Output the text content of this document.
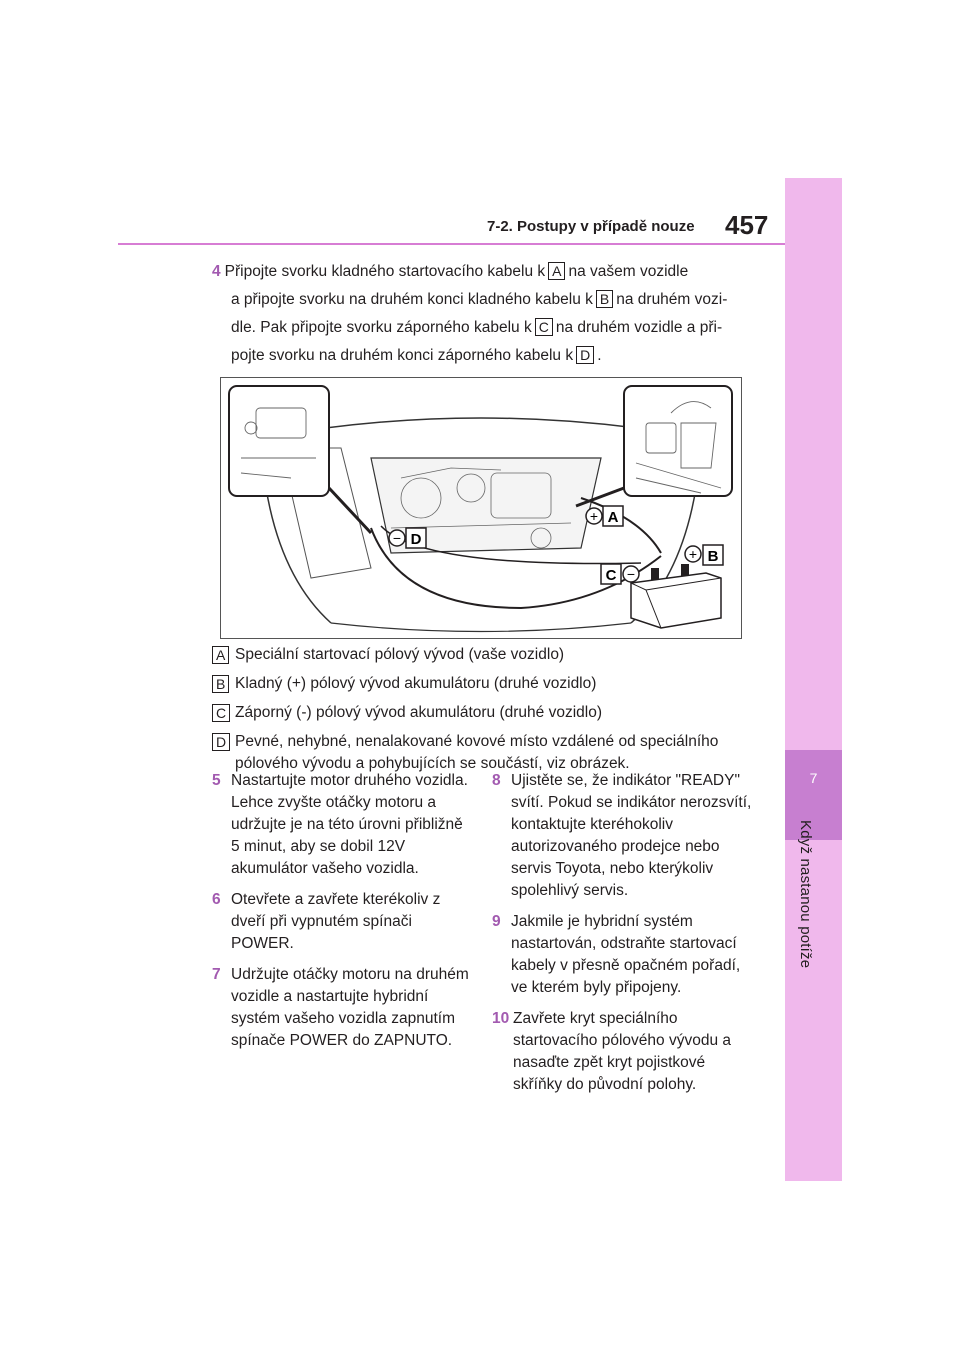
7
Když nastanou potíže
7-2. Postupy v případě nouze 457
4 Připojte svorku kladného startovacího kabelu k A na vašem vozidle
a připojte svorku na druhém konci kladného kabelu k B na druhém vozi-
dle. Pak připojte svorku záporného kabelu k C na druhém vozidle a při-
pojte svorku na druhém konci záporného kabelu k D .
+
−
+
−
A
D
B
C
A Speciální startovací pólový vývod (vaše vozidlo)
B Kladný (+) pólový vývod akumulátoru (druhé vozidlo)
C Záporný (-) pólový vývod akumulátoru (druhé vozidlo)
D Pevné, nehybné, nenalakované kovové místo vzdálené od speciálního pólového vývodu a pohybujících se součástí, viz obrázek.
5 Nastartujte motor druhého vozidla. Lehce zvyšte otáčky motoru a udržujte je na této úrovni přibližně 5 minut, aby se dobil 12V akumulátor vašeho vozidla.
6 Otevřete a zavřete kterékoliv z dveří při vypnutém spínači POWER.
7 Udržujte otáčky motoru na druhém vozidle a nastartujte hybridní systém vašeho vozidla zapnutím spínače POWER do ZAPNUTO.
8 Ujistěte se, že indikátor "READY" svítí. Pokud se indikátor nerozsvítí, kontaktujte kteréhokoliv autorizovaného prodejce nebo servis Toyota, nebo kterýkoliv spolehlivý servis.
9 Jakmile je hybridní systém nastartován, odstraňte startovací kabely v přesně opačném pořadí, ve kterém byly připojeny.
10 Zavřete kryt speciálního startovacího pólového vývodu a nasaďte zpět kryt pojistkové skříňky do původní polohy.
